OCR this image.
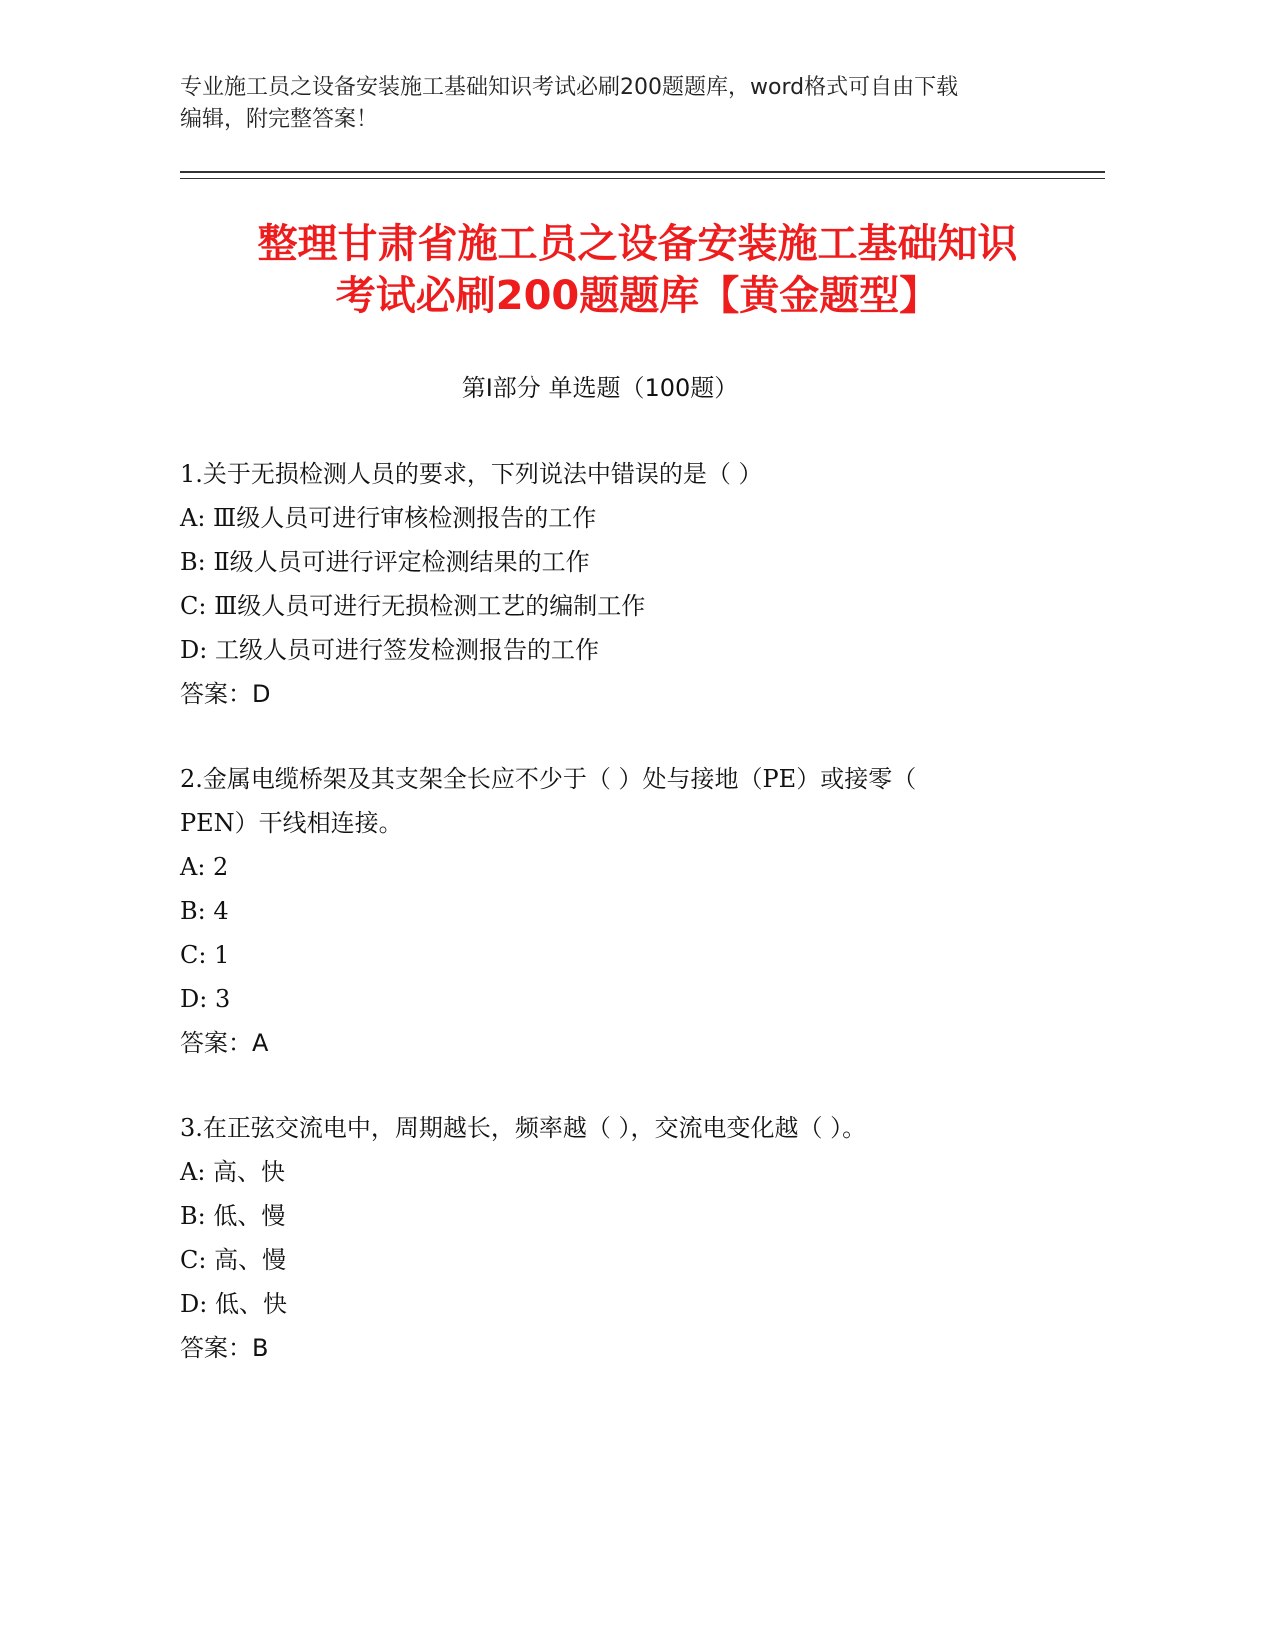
专业施工员之设备安装施工基础知识考试必刷200题题库，word格式可自由下载
编辑，附完整答案！
整理甘肃省施工员之设备安装施工基础知识
考试必刷200题题库【黄金题型】
第Ⅰ部分 单选题（100题）
1.关于无损检测人员的要求，下列说法中错误的是（ ）
A: Ⅲ级人员可进行审核检测报告的工作
B: Ⅱ级人员可进行评定检测结果的工作
C: Ⅲ级人员可进行无损检测工艺的编制工作
D: 工级人员可进行签发检测报告的工作
答案：D
2.金属电缆桥架及其支架全长应不少于（ ）处与接地（PE）或接零（
PEN）干线相连接。
A: 2
B: 4
C: 1
D: 3
答案：A
3.在正弦交流电中，周期越长，频率越（ ），交流电变化越（ ）。
A: 高、快
B: 低、慢
C: 高、慢
D: 低、快
答案：B
